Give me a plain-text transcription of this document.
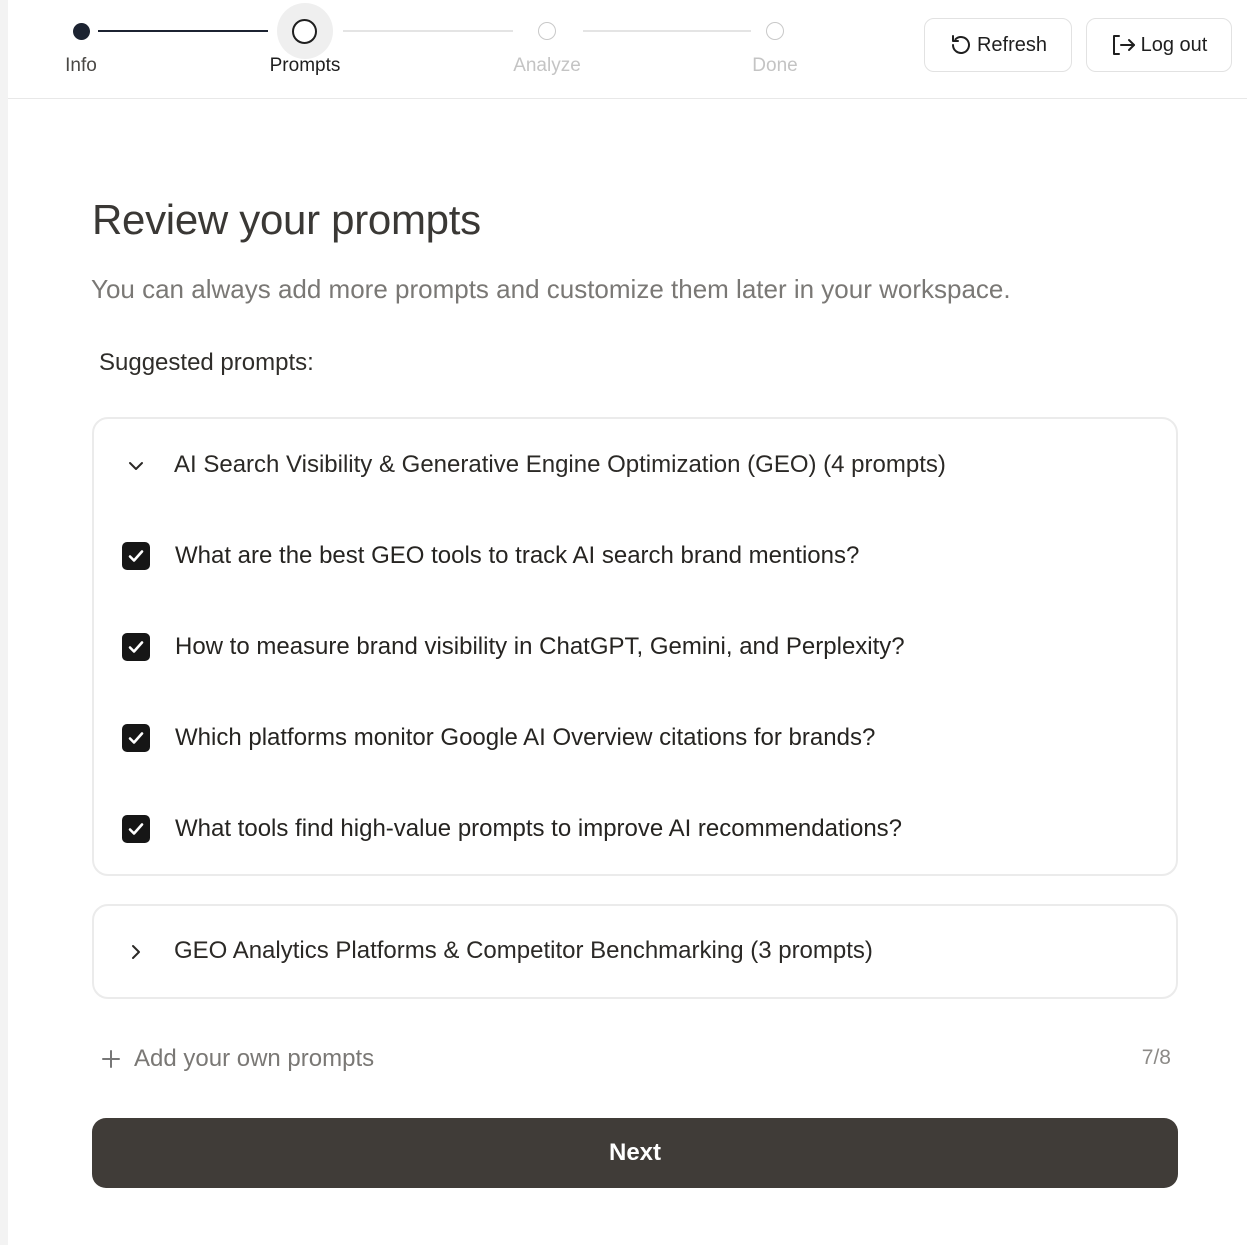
Info	Prompts	Analyze	Done
Refresh	Log out
Review your prompts

You can always add more prompts and customize them later in your workspace.

Suggested prompts:
AI Search Visibility & Generative Engine Optimization (GEO) (4 prompts)
What are the best GEO tools to track AI search brand mentions?
How to measure brand visibility in ChatGPT, Gemini, and Perplexity?
Which platforms monitor Google AI Overview citations for brands?
What tools find high-value prompts to improve AI recommendations?
GEO Analytics Platforms & Competitor Benchmarking (3 prompts)
Add your own prompts	7/8
Next
